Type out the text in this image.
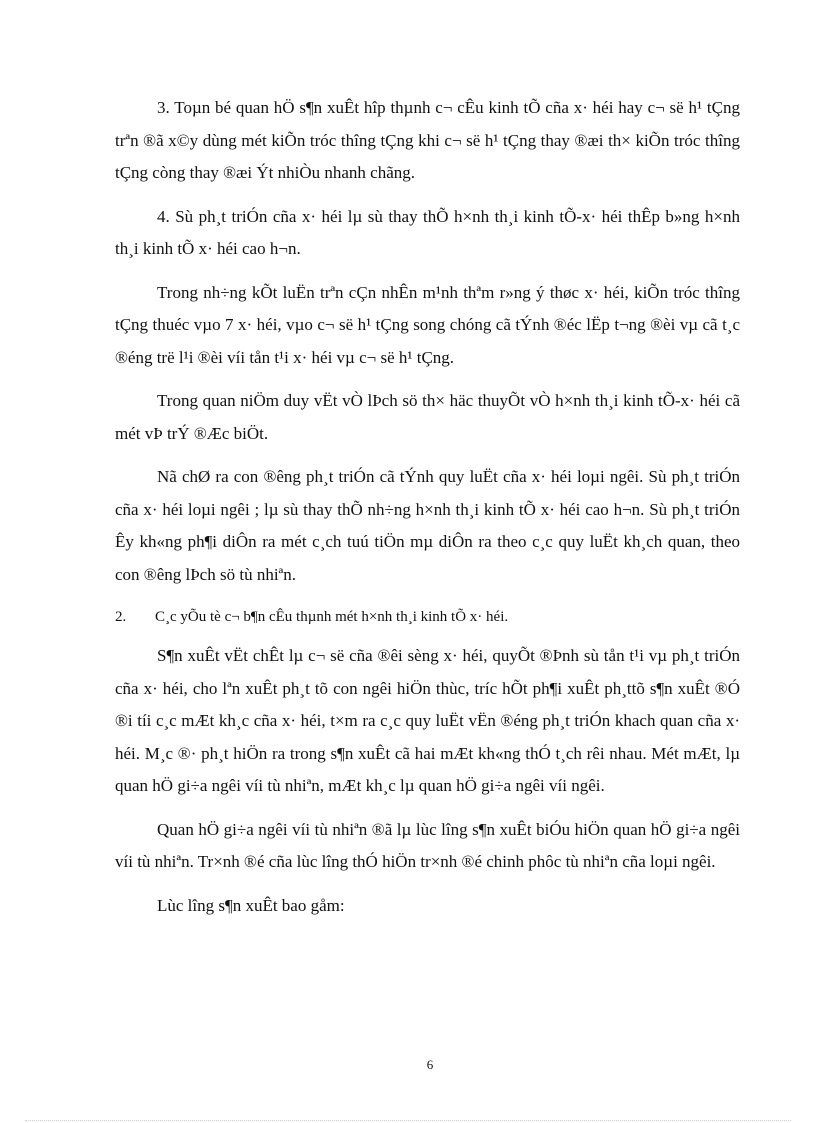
3. Toµn bé quan hÖ s¶n xuÊt hîp thµnh c¬ cÊu kinh tÕ cña x· héi hay c¬ së h¹ tÇng trªn ®ã x©y dùng mét kiÕn tróc thîng tÇng khi c¬ së h¹ tÇng thay ®æi th× kiÕn tróc thîng tÇng còng thay ®æi Ýt nhiÒu nhanh chãng.

4. Sù ph¸t triÓn cña x· héi lµ sù thay thÕ h×nh th¸i kinh tÕ-x· héi thÊp b»ng h×nh th¸i kinh tÕ x· héi cao h¬n.

Trong nh÷ng kÕt luËn trªn cÇn nhÊn m¹nh thªm r»ng ý thøc x· héi, kiÕn tróc thîng tÇng thuéc vµo 7 x· héi, vµo c¬ së h¹ tÇng song chóng cã tÝnh ®éc lËp t¬ng ®èi vµ cã t¸c ®éng trë l¹i ®èi víi tån t¹i x· héi vµ c¬ së h¹ tÇng.

Trong quan niÖm duy vËt vÒ lÞch sö th× häc thuyÕt vÒ h×nh th¸i kinh tÕ-x· héi cã mét vÞ trÝ ®Æc biÖt.

Nã chØ ra con ®êng ph¸t triÓn cã tÝnh quy luËt cña x· héi loµi ngêi. Sù ph¸t triÓn cña x· héi loµi ngêi ; lµ sù thay thÕ nh÷ng h×nh th¸i kinh tÕ x· héi cao h¬n. Sù ph¸t triÓn Êy kh«ng ph¶i diÔn ra mét c¸ch tuú tiÖn mµ diÔn ra theo c¸c quy luËt kh¸ch quan, theo con ®êng lÞch sö tù nhiªn.

2. C¸c yÕu tè c¬ b¶n cÊu thµnh mét h×nh th¸i kinh tÕ x· héi.

S¶n xuÊt vËt chÊt lµ c¬ së cña ®êi sèng x· héi, quyÕt ®Þnh sù tån t¹i vµ ph¸t triÓn cña x· héi, cho lªn xuÊt ph¸t tõ con ngêi hiÖn thùc, tríc hÕt ph¶i xuÊt ph¸ttõ s¶n xuÊt ®Ó ®i tíi c¸c mÆt kh¸c cña x· héi, t×m ra c¸c quy luËt vËn ®éng ph¸t triÓn khach quan cña x· héi. M¸c ®· ph¸t hiÖn ra trong s¶n xuÊt cã hai mÆt kh«ng thÓ t¸ch rêi nhau. Mét mÆt, lµ quan hÖ gi÷a ngêi víi tù nhiªn, mÆt kh¸c lµ quan hÖ gi÷a ngêi víi ngêi.

Quan hÖ gi÷a ngêi víi tù nhiªn ®ã lµ lùc lîng s¶n xuÊt biÓu hiÖn quan hÖ gi÷a ngêi víi tù nhiªn. Tr×nh ®é cña lùc lîng thÓ hiÖn tr×nh ®é chinh phôc tù nhiªn cña loµi ngêi.

Lùc lîng s¶n xuÊt bao gåm:

6
